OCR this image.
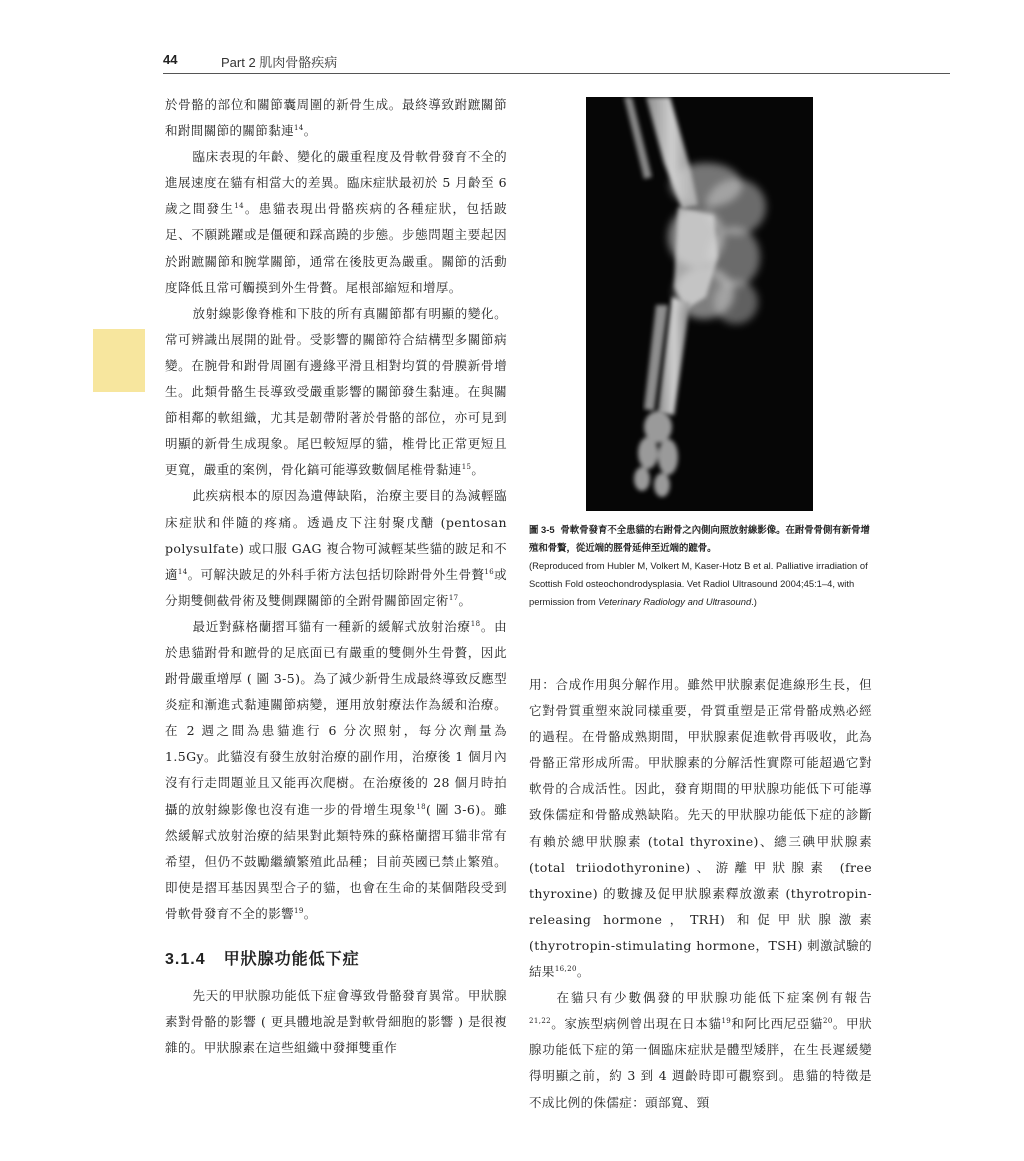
44	Part 2 肌肉骨骼疾病

於骨骼的部位和關節囊周圍的新骨生成。最終導致跗蹠關節和跗間關節的關節黏連$^{14}$。

臨床表現的年齡、變化的嚴重程度及骨軟骨發育不全的進展速度在貓有相當大的差異。臨床症狀最初於 5 月齡至 6 歲之間發生$^{14}$。患貓表現出骨骼疾病的各種症狀，包括跛足、不願跳躍或是僵硬和踩高蹺的步態。步態問題主要起因於跗蹠關節和腕掌關節，通常在後肢更為嚴重。關節的活動度降低且常可觸摸到外生骨贅。尾根部縮短和增厚。

放射線影像脊椎和下肢的所有真關節都有明顯的變化。常可辨識出展開的趾骨。受影響的關節符合結構型多關節病變。在腕骨和跗骨周圍有邊緣平滑且相對均質的骨膜新骨增生。此類骨骼生長導致受嚴重影響的關節發生黏連。在與關節相鄰的軟組織，尤其是韌帶附著於骨骼的部位，亦可見到明顯的新骨生成現象。尾巴較短厚的貓，椎骨比正常更短且更寬，嚴重的案例，骨化鎬可能導致數個尾椎骨黏連$^{15}$。

此疾病根本的原因為遺傳缺陷，治療主要目的為減輕臨床症狀和伴隨的疼痛。透過皮下注射聚戊醣 (pentosan polysulfate) 或口服 GAG 複合物可減輕某些貓的跛足和不適$^{14}$。可解決跛足的外科手術方法包括切除跗骨外生骨贅$^{16}$或分期雙側截骨術及雙側踝關節的全跗骨關節固定術$^{17}$。

最近對蘇格蘭摺耳貓有一種新的緩解式放射治療$^{18}$。由於患貓跗骨和蹠骨的足底面已有嚴重的雙側外生骨贅，因此跗骨嚴重增厚 ( 圖 3-5)。為了減少新骨生成最終導致反應型炎症和漸進式黏連關節病變，運用放射療法作為緩和治療。在 2 週之間為患貓進行 6 分次照射，每分次劑量為 1.5Gy。此貓沒有發生放射治療的副作用，治療後 1 個月內沒有行走問題並且又能再次爬樹。在治療後的 28 個月時拍攝的放射線影像也沒有進一步的骨增生現象$^{18}$( 圖 3-6)。雖然緩解式放射治療的結果對此類特殊的蘇格蘭摺耳貓非常有希望，但仍不鼓勵繼續繁殖此品種；目前英國已禁止繁殖。即使是摺耳基因異型合子的貓，也會在生命的某個階段受到骨軟骨發育不全的影響$^{19}$。

3.1.4 甲狀腺功能低下症

先天的甲狀腺功能低下症會導致骨骼發育異常。甲狀腺素對骨骼的影響 ( 更具體地說是對軟骨細胞的影響 ) 是很複雜的。甲狀腺素在這些組織中發揮雙重作

圖 3-5 骨軟骨發育不全患貓的右跗骨之內側向照放射線影像。在跗骨骨側有新骨增殖和骨贅，從近端的脛骨延伸至近端的蹠骨。
(Reproduced from Hubler M, Volkert M, Kaser-Hotz B et al. Palliative irradiation of Scottish Fold osteochondrodysplasia. Vet Radiol Ultrasound 2004;45:1–4, with permission from Veterinary Radiology and Ultrasound.)

用：合成作用與分解作用。雖然甲狀腺素促進線形生長，但它對骨質重塑來說同樣重要，骨質重塑是正常骨骼成熟必經的過程。在骨骼成熟期間，甲狀腺素促進軟骨再吸收，此為骨骼正常形成所需。甲狀腺素的分解活性實際可能超過它對軟骨的合成活性。因此，發育期間的甲狀腺功能低下可能導致侏儒症和骨骼成熟缺陷。先天的甲狀腺功能低下症的診斷有賴於總甲狀腺素 (total thyroxine)、總三碘甲狀腺素 (total triiodothyronine)、游離甲狀腺素 (free thyroxine) 的數據及促甲狀腺素釋放激素 (thyrotropin-releasing hormone，TRH) 和促甲狀腺激素 (thyrotropin-stimulating hormone，TSH) 刺激試驗的結果$^{16,20}$。

在貓只有少數偶發的甲狀腺功能低下症案例有報告$^{21,22}$。家族型病例曾出現在日本貓$^{19}$和阿比西尼亞貓$^{20}$。甲狀腺功能低下症的第一個臨床症狀是體型矮胖，在生長遲緩變得明顯之前，約 3 到 4 週齡時即可觀察到。患貓的特徵是不成比例的侏儒症：頭部寬、頸
